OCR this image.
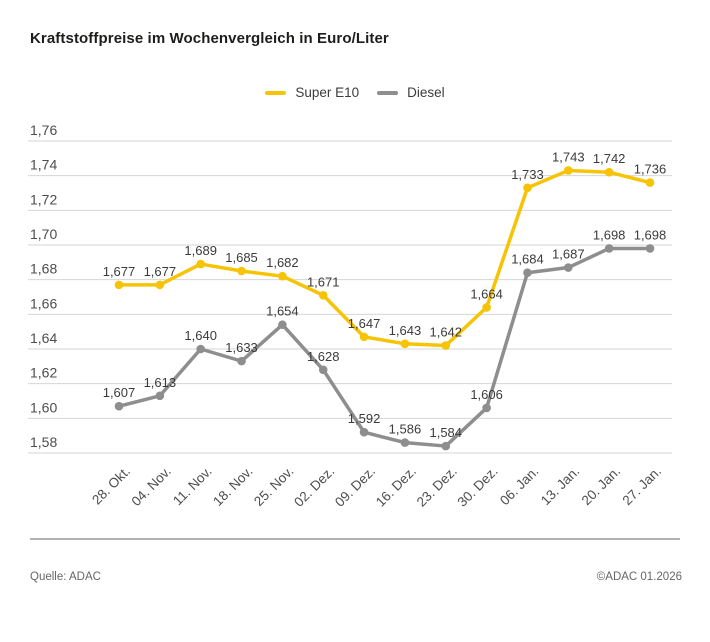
Kraftstoffpreise im Wochenvergleich in Euro/Liter
Super E10	Diesel
1,76
1,74
1,72
1,70
1,68
1,66
1,64
1,62
1,60
1,58
28. Okt.
04. Nov.
11. Nov.
18. Nov.
25. Nov.
02. Dez.
09. Dez.
16. Dez.
23. Dez.
30. Dez.
06. Jan.
13. Jan.
20. Jan.
27. Jan.
1,677 1,677
1,689 1,685 1,682
1,671
1,647 1,643 1,642
1,664
1,733
1,743 1,742
1,736
1,607
1,613
1,640
1,633
1,654
1,628
1,592
1,586 1,584
1,606
1,684 1,687
1,698 1,698
Quelle: ADAC	©ADAC 01.2026
